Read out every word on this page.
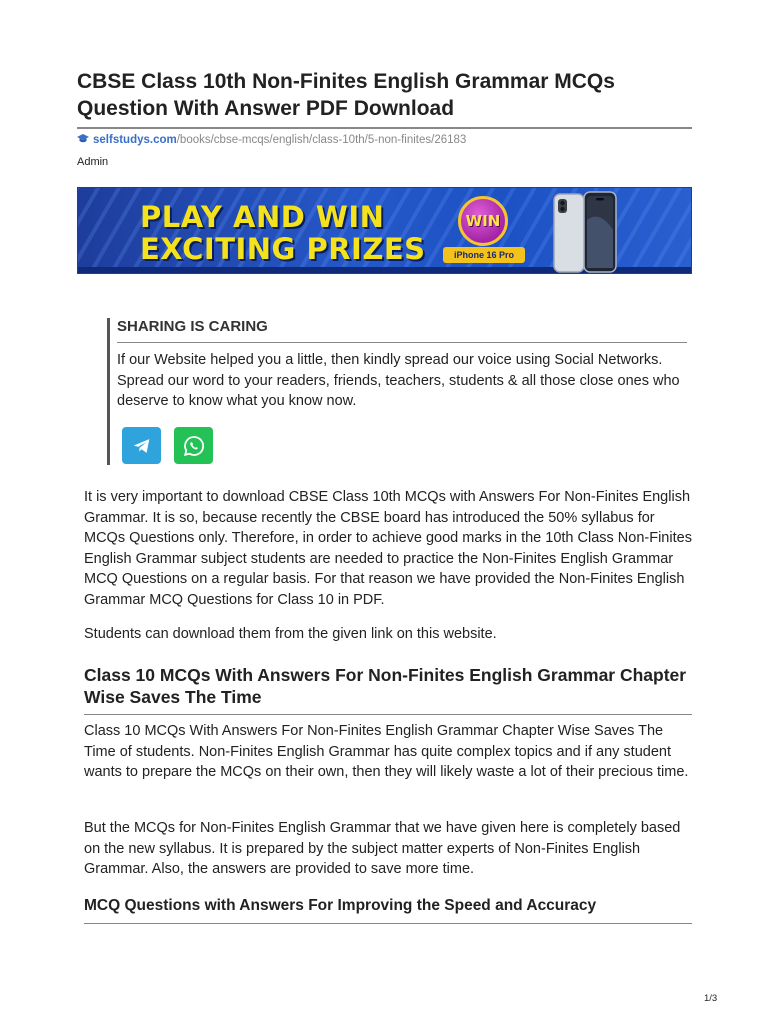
CBSE Class 10th Non-Finites English Grammar MCQs Question With Answer PDF Download
selfstudys.com/books/cbse-mcqs/english/class-10th/5-non-finites/26183
Admin
PLAY AND WIN
EXCITING PRIZES
WIN
iPhone 16 Pro
SHARING IS CARING
If our Website helped you a little, then kindly spread our voice using Social Networks. Spread our word to your readers, friends, teachers, students & all those close ones who deserve to know what you know now.

It is very important to download CBSE Class 10th MCQs with Answers For Non-Finites English Grammar. It is so, because recently the CBSE board has introduced the 50% syllabus for MCQs Questions only. Therefore, in order to achieve good marks in the 10th Class Non-Finites English Grammar subject students are needed to practice the Non-Finites English Grammar MCQ Questions on a regular basis. For that reason we have provided the Non-Finites English Grammar MCQ Questions for Class 10 in PDF.

Students can download them from the given link on this website.

Class 10 MCQs With Answers For Non-Finites English Grammar Chapter Wise Saves The Time

Class 10 MCQs With Answers For Non-Finites English Grammar Chapter Wise Saves The Time of students. Non-Finites English Grammar has quite complex topics and if any student wants to prepare the MCQs on their own, then they will likely waste a lot of their precious time.

But the MCQs for Non-Finites English Grammar that we have given here is completely based on the new syllabus. It is prepared by the subject matter experts of Non-Finites English Grammar. Also, the answers are provided to save more time.

MCQ Questions with Answers For Improving the Speed and Accuracy
1/3
